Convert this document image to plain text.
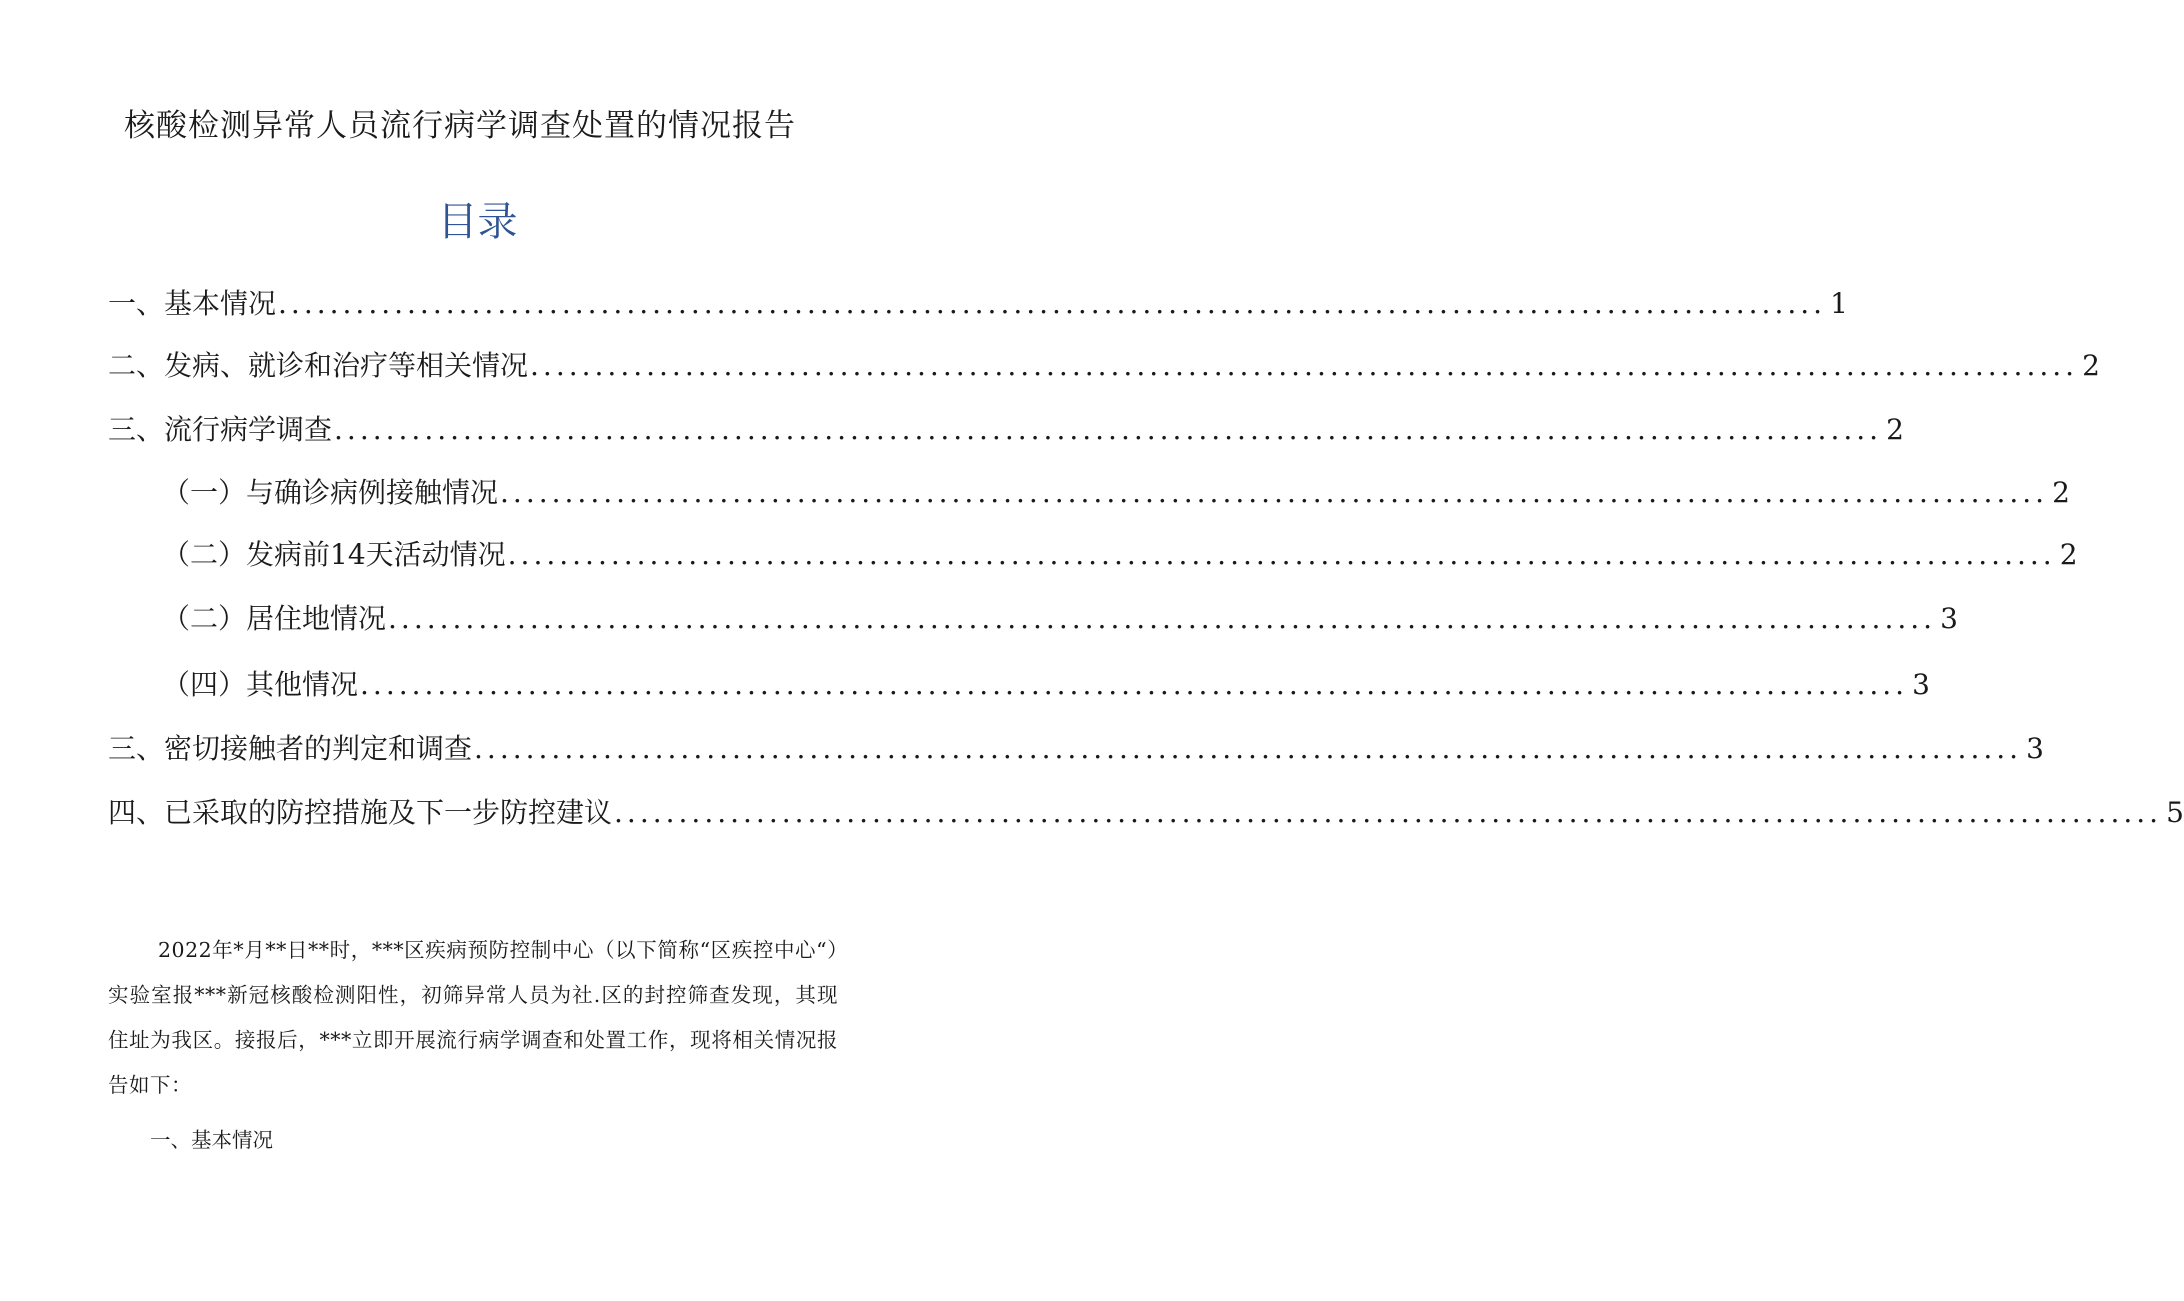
核酸检测异常人员流行病学调查处置的情况报告
目录
一、基本情况 ........................................................................................................................ 1
二、发病、就诊和治疗等相关情况 ........................................................................................................................ 2
三、流行病学调查 ........................................................................................................................ 2
（一）与确诊病例接触情况 ........................................................................................................................ 2
（二）发病前14天活动情况 ........................................................................................................................ 2
（二）居住地情况 ........................................................................................................................ 3
（四）其他情况 ........................................................................................................................ 3
三、密切接触者的判定和调查 ........................................................................................................................ 3
四、已采取的防控措施及下一步防控建议 ........................................................................................................................ 5
2022年*月**日**时，***区疾病预防控制中心（以下简称“区疾控中心“）实验室报***新冠核酸检测阳性，初筛异常人员为社.区的封控筛查发现，其现住址为我区。接报后，***立即开展流行病学调查和处置工作，现将相关情况报告如下：
一、基本情况
